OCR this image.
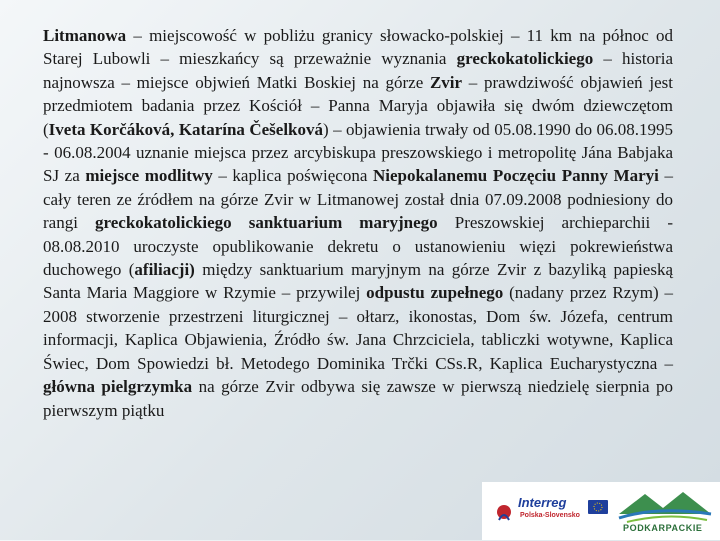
Litmanowa – miejscowość w pobliżu granicy słowacko-polskiej – 11 km na północ od Starej Lubowli – mieszkańcy są przeważnie wyznania greckokatolickiego – historia najnowsza – miejsce objwień Matki Boskiej na górze Zvir – prawdziwość objawień jest przedmiotem badania przez Kościół – Panna Maryja objawiła się dwóm dziewczętom (Iveta Korčáková, Katarína Češelková) – objawienia trwały od 05.08.1990 do 06.08.1995 - 06.08.2004 uznanie miejsca przez arcybiskupa preszowskiego i metropolitę Jána Babjaka SJ za miejsce modlitwy – kaplica poświęcona Niepokalanemu Poczęciu Panny Maryi – cały teren ze źródłem na górze Zvir w Litmanowej został dnia 07.09.2008 podniesiony do rangi greckokatolickiego sanktuarium maryjnego Preszowskiej archieparchii - 08.08.2010 uroczyste opublikowanie dekretu o ustanowieniu więzi pokrewieństwa duchowego (afiliacji) między sanktuarium maryjnym na górze Zvir z bazyliką papieską Santa Maria Maggiore w Rzymie – przywilej odpustu zupełnego (nadany przez Rzym) – 2008 stworzenie przestrzeni liturgicznej – ołtarz, ikonostas, Dom św. Józefa, centrum informacji, Kaplica Objawienia, Źródło św. Jana Chrzciciela, tabliczki wotywne, Kaplica Świec, Dom Spowiedzi bł. Metodego Dominika Trčki CSs.R, Kaplica Eucharystyczna – główna pielgrzymka na górze Zvir odbywa się zawsze w pierwszą niedzielę sierpnia po pierwszym piątku
Interreg
Polska-Slovensko
PODKARPACKIE
